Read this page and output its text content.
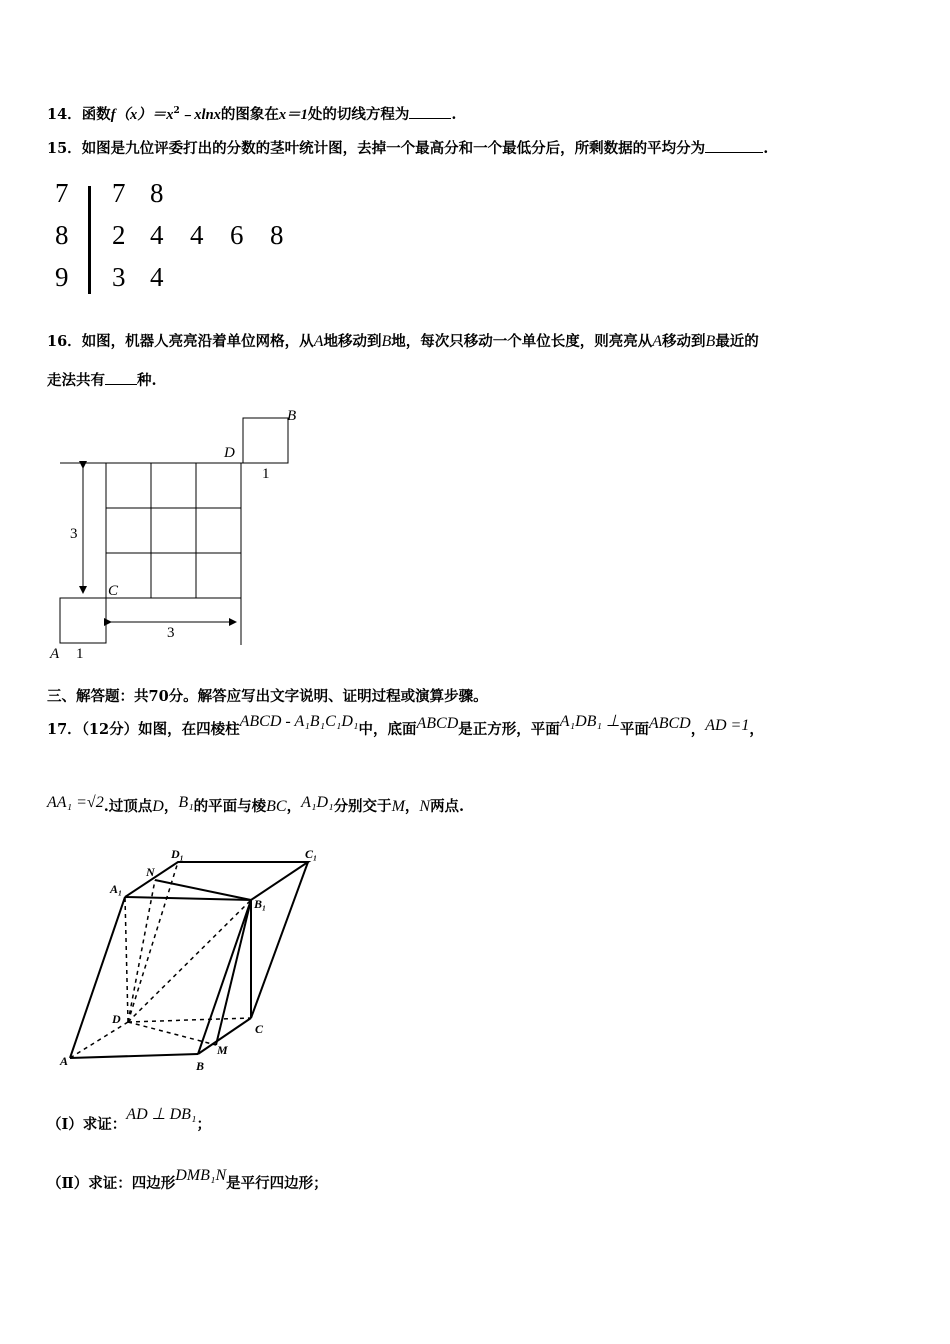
14．函数$f(x)=x^2﹣xlnx$的图象在x＝1处的切线方程为	.
15．如图是九位评委打出的分数的茎叶统计图，去掉一个最高分和一个最低分后，所剩数据的平均分为	.
7 7 8
8 2 4 4 6 8
9 3 4
16．如图，机器人亮亮沿着单位网格，从A地移动到B地，每次只移动一个单位长度，则亮亮从A移动到B最近的
走法共有 种.
B
D
C
A
1
1
3
3
三、解答题：共70分。解答应写出文字说明、证明过程或演算步骤。
17．（12分）如图，在四棱柱ABCD - A₁B₁C₁D₁中，底面ABCD是正方形，平面A₁DB₁ ⊥平面ABCD，AD =1，
AA₁ =√2.过顶点D，B₁的平面与棱BC，A₁D₁分别交于M，N两点.
A	B
C
D
A₁
B₁
C₁
D₁
M
N
（Ⅰ）求证：AD ⊥ DB₁；
（Ⅱ）求证：四边形DMB₁N是平行四边形；
